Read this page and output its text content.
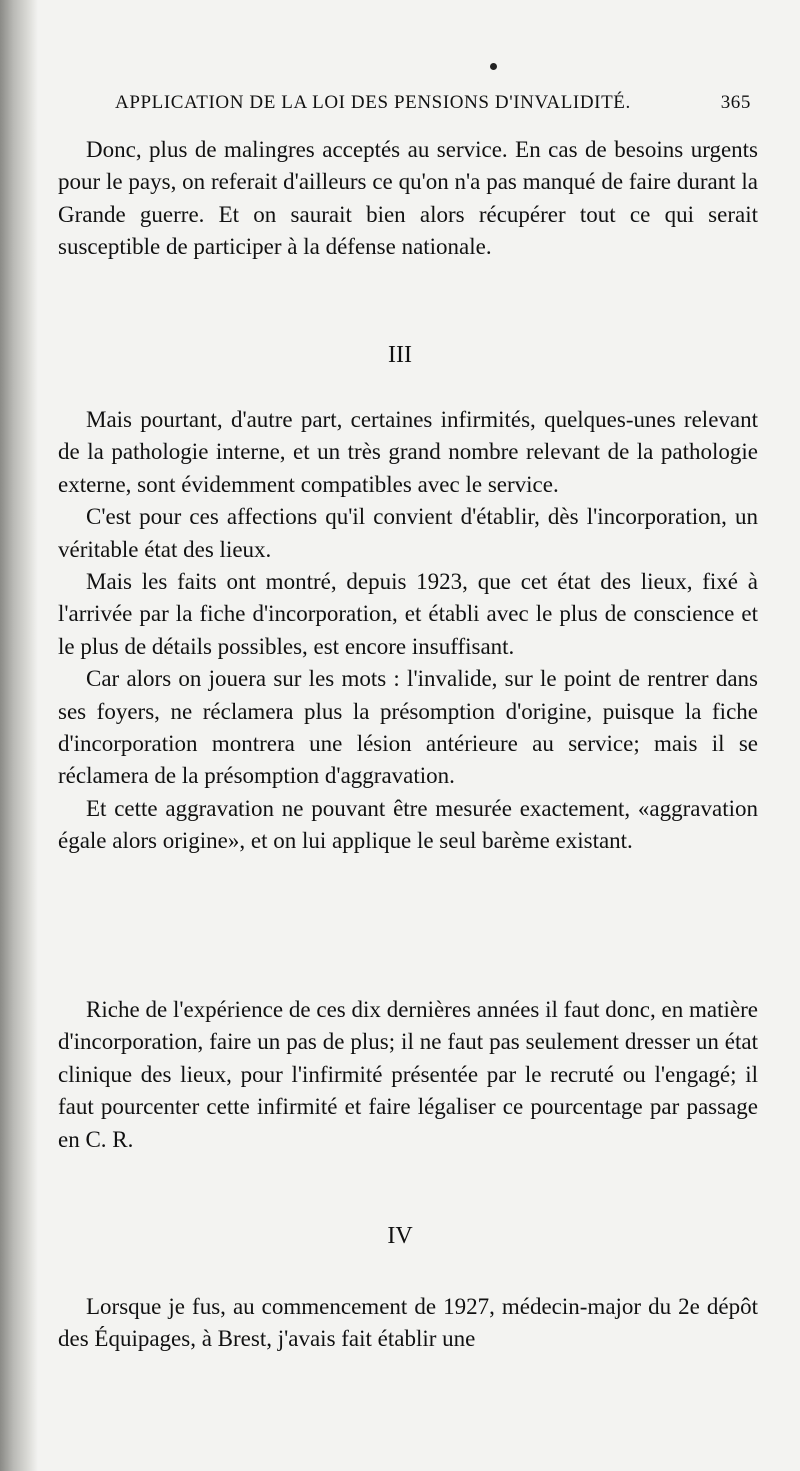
APPLICATION DE LA LOI DES PENSIONS D'INVALIDITÉ.	365

Donc, plus de malingres acceptés au service. En cas de besoins urgents pour le pays, on referait d'ailleurs ce qu'on n'a pas manqué de faire durant la Grande guerre. Et on saurait bien alors récupérer tout ce qui serait susceptible de participer à la défense nationale.

III

Mais pourtant, d'autre part, certaines infirmités, quelques-unes relevant de la pathologie interne, et un très grand nombre relevant de la pathologie externe, sont évidemment compatibles avec le service.

C'est pour ces affections qu'il convient d'établir, dès l'incorporation, un véritable état des lieux.

Mais les faits ont montré, depuis 1923, que cet état des lieux, fixé à l'arrivée par la fiche d'incorporation, et établi avec le plus de conscience et le plus de détails possibles, est encore insuffisant.

Car alors on jouera sur les mots : l'invalide, sur le point de rentrer dans ses foyers, ne réclamera plus la présomption d'origine, puisque la fiche d'incorporation montrera une lésion antérieure au service; mais il se réclamera de la présomption d'aggravation.

Et cette aggravation ne pouvant être mesurée exactement, «aggravation égale alors origine», et on lui applique le seul barème existant.

Riche de l'expérience de ces dix dernières années il faut donc, en matière d'incorporation, faire un pas de plus; il ne faut pas seulement dresser un état clinique des lieux, pour l'infirmité présentée par le recruté ou l'engagé; il faut pourcenter cette infirmité et faire légaliser ce pourcentage par passage en C. R.

IV

Lorsque je fus, au commencement de 1927, médecin-major du 2e dépôt des Équipages, à Brest, j'avais fait établir une
